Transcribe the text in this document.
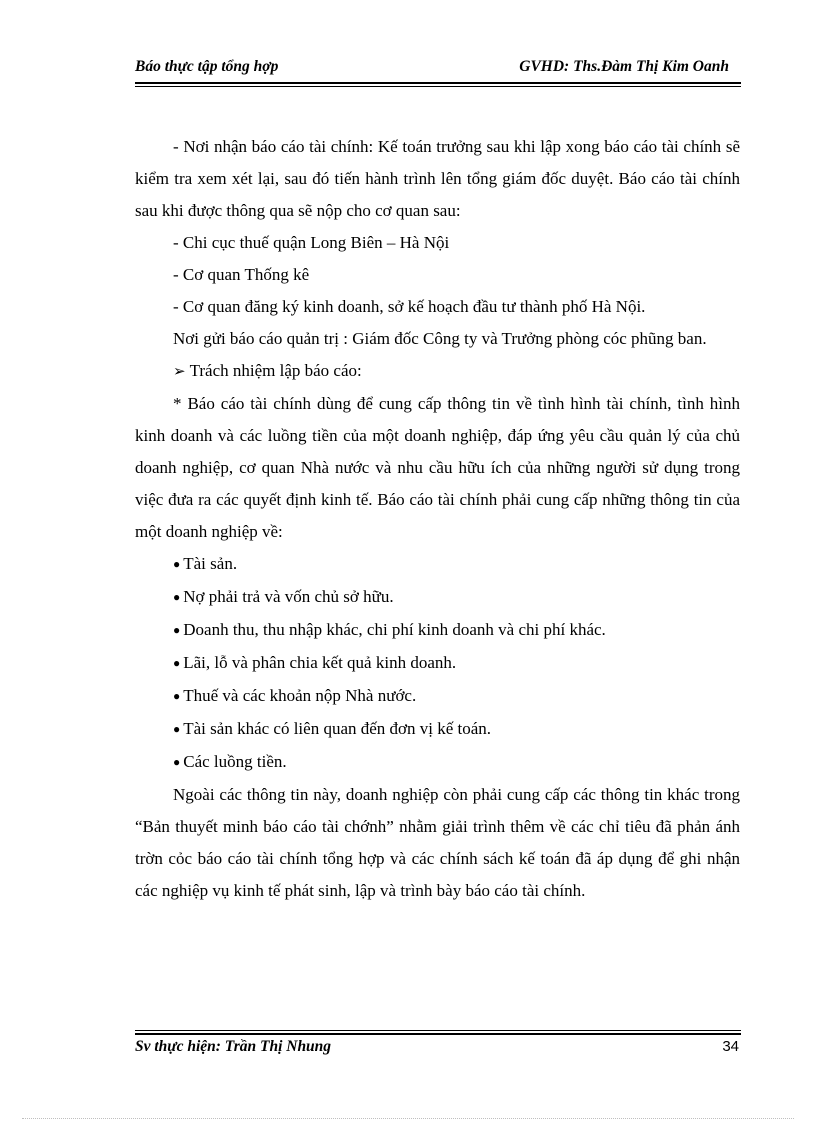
Báo thực tập tổng hợp	GVHD: Ths.Đàm Thị Kim Oanh

- Nơi nhận báo cáo tài chính: Kế toán trưởng sau khi lập xong báo cáo tài chính sẽ kiểm tra xem xét lại, sau đó tiến hành trình lên tổng giám đốc duyệt. Báo cáo tài chính sau khi được thông qua sẽ nộp cho cơ quan sau:

- Chi cục thuế quận Long Biên – Hà Nội

- Cơ quan Thống kê

- Cơ quan đăng ký kinh doanh, sở kế hoạch đầu tư thành phố Hà Nội.

Nơi gửi báo cáo quản trị : Giám đốc Công ty và Trưởng phòng cóc phũng ban.

➢ Trách nhiệm lập báo cáo:

* Báo cáo tài chính dùng để cung cấp thông tin về tình hình tài chính, tình hình kinh doanh và các luồng tiền của một doanh nghiệp, đáp ứng yêu cầu quản lý của chủ doanh nghiệp, cơ quan Nhà nước và nhu cầu hữu ích của những người sử dụng trong việc đưa ra các quyết định kinh tế. Báo cáo tài chính phải cung cấp những thông tin của một doanh nghiệp về:

● Tài sản.

● Nợ phải trả và vốn chủ sở hữu.

● Doanh thu, thu nhập khác, chi phí kinh doanh và chi phí khác.

● Lãi, lỗ và phân chia kết quả kinh doanh.

● Thuế và các khoản nộp Nhà nước.

● Tài sản khác có liên quan đến đơn vị kế toán.

● Các luồng tiền.

Ngoài các thông tin này, doanh nghiệp còn phải cung cấp các thông tin khác trong “Bản thuyết minh báo cáo tài chớnh” nhằm giải trình thêm về các chỉ tiêu đã phản ánh trờn cỏc báo cáo tài chính tổng hợp và các chính sách kế toán đã áp dụng để ghi nhận các nghiệp vụ kinh tế phát sinh, lập và trình bày báo cáo tài chính.

Sv thực hiện: Trần Thị Nhung	34
